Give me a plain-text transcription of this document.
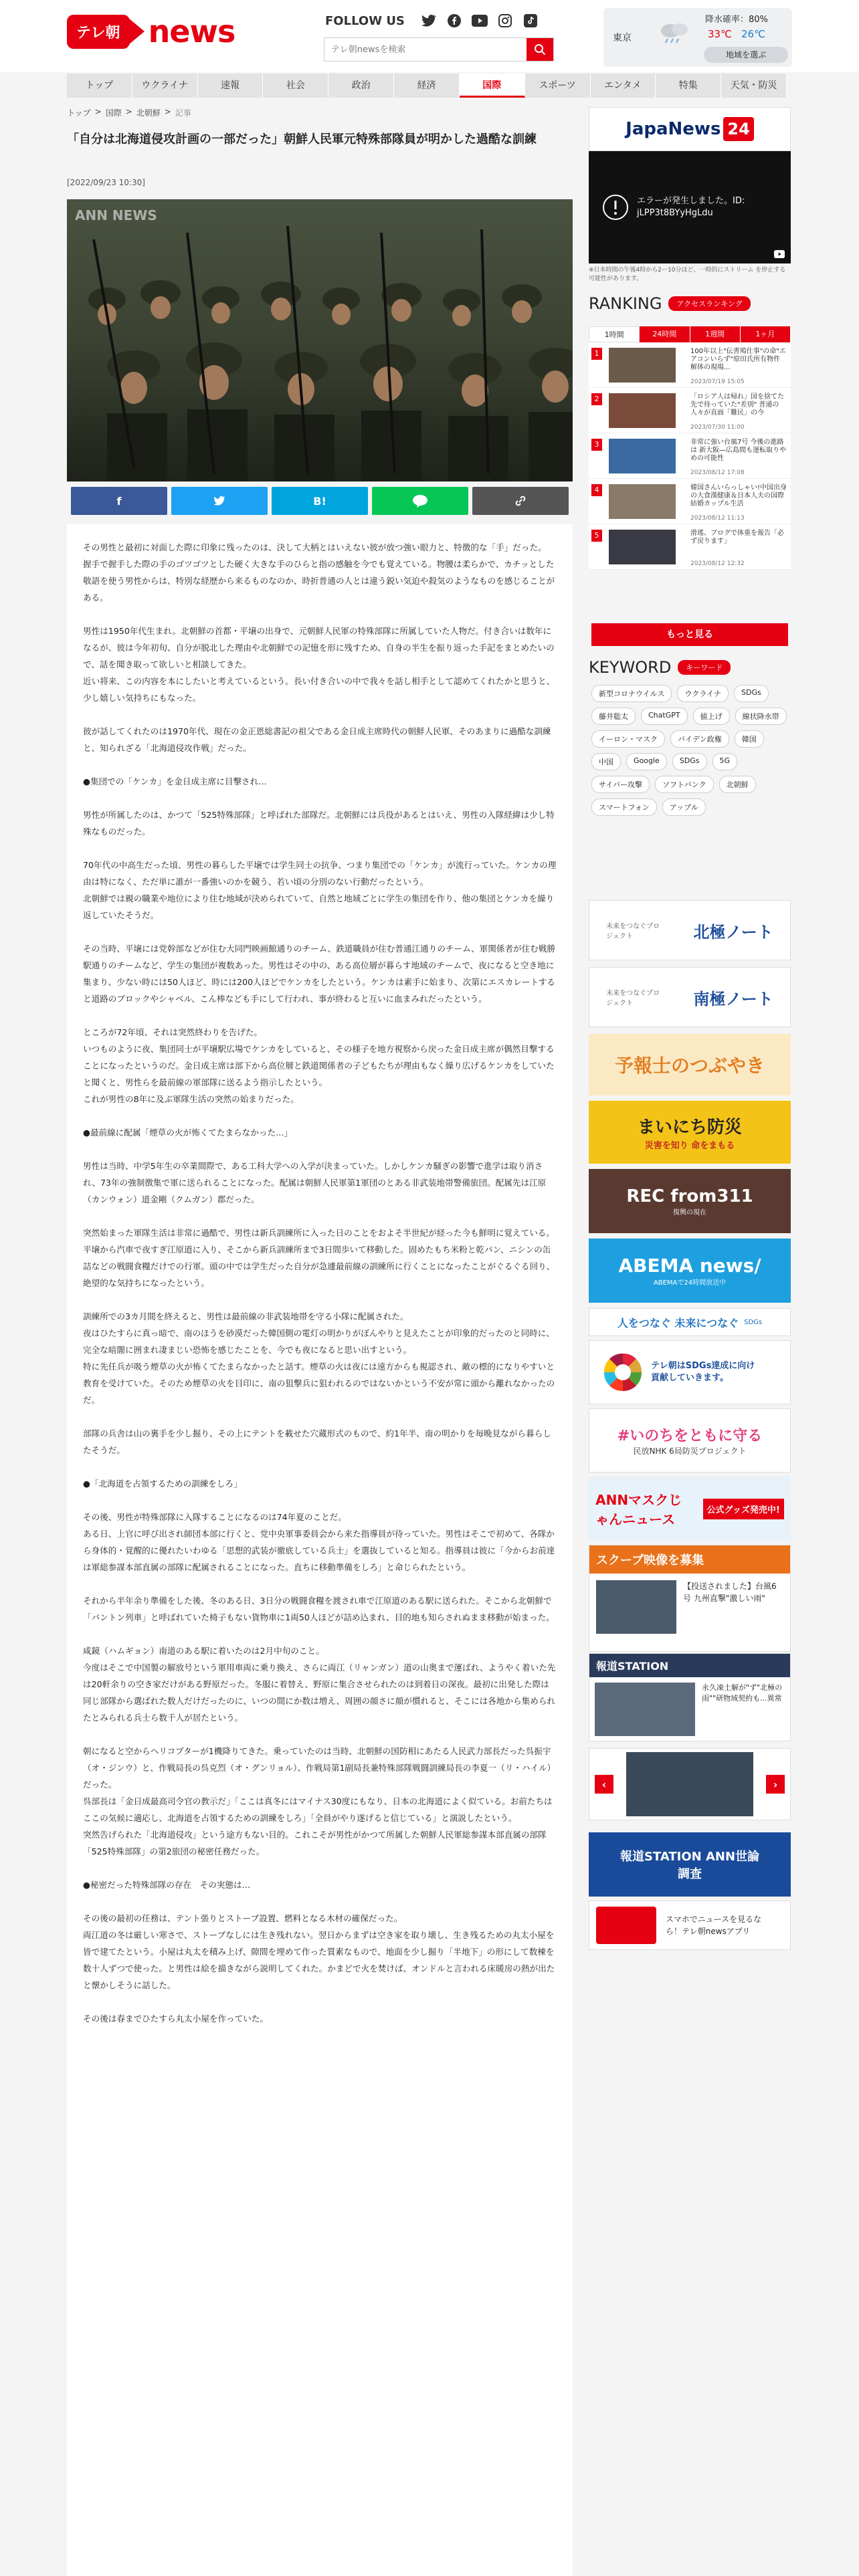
テレ朝 news	FOLLOW US
テレ朝newsを検索
東京
降水確率：80%
33℃ 26℃
地域を選ぶ
トップ	ウクライナ	速報	社会	政治	経済	国際	スポーツ	エンタメ	特集	天気・防災
トップ > 国際 > 北朝鮮 > 記事
「自分は北海道侵攻計画の一部だった」朝鮮人民軍元特殊部隊員が明かした過酷な訓練
[2022/09/23 10:30]
ANN NEWS
f	B!

その男性と最初に対面した際に印象に残ったのは、決して大柄とはいえない彼が放つ強い眼力と、特徴的な「手」だった。
握手で握手した際の手のゴツゴツとした硬く大きな手のひらと指の感触を今でも覚えている。物腰は柔らかで、カチッとした敬語を使う男性からは、特別な経歴から来るものなのか、時折普通の人とは違う鋭い気迫や殺気のようなものを感じることがある。

男性は1950年代生まれ。北朝鮮の首都・平壌の出身で、元朝鮮人民軍の特殊部隊に所属していた人物だ。付き合いは数年になるが、彼は今年初旬、自分が脱北した理由や北朝鮮での記憶を形に残すため、自身の半生を振り返った手記をまとめたいので、話を聞き取って欲しいと相談してきた。
近い将来、この内容を本にしたいと考えているという。長い付き合いの中で我々を話し相手として認めてくれたかと思うと、少し嬉しい気持ちにもなった。

彼が話してくれたのは1970年代、現在の金正恩総書記の祖父である金日成主席時代の朝鮮人民軍、そのあまりに過酷な訓練と、知られざる「北海道侵攻作戦」だった。

●集団での「ケンカ」を金日成主席に目撃され…

男性が所属したのは、かつて「525特殊部隊」と呼ばれた部隊だ。北朝鮮には兵役があるとはいえ、男性の入隊経緯は少し特殊なものだった。

70年代の中高生だった頃、男性の暮らした平壌では学生同士の抗争、つまり集団での「ケンカ」が流行っていた。ケンカの理由は特になく、ただ単に誰が一番強いのかを競う、若い頃の分別のない行動だったという。
北朝鮮では親の職業や地位により住む地域が決められていて、自然と地域ごとに学生の集団を作り、他の集団とケンカを繰り返していたそうだ。

その当時、平壌には党幹部などが住む大同門映画館通りのチーム、鉄道職員が住む普通江通りのチーム、軍関係者が住む戦勝駅通りのチームなど、学生の集団が複数あった。男性はその中の、ある高位層が暮らす地域のチームで、夜になると空き地に集まり、少ない時には50人ほど、時には200人ほどでケンカをしたという。ケンカは素手に始まり、次第にエスカレートすると道路のブロックやシャベル、こん棒なども手にして行われ、事が終わると互いに血まみれだったという。

ところが72年頃、それは突然終わりを告げた。
いつものように夜、集団同士が平壌駅広場でケンカをしていると、その様子を地方視察から戻った金日成主席が偶然目撃することになったというのだ。金日成主席は部下から高位層と鉄道関係者の子どもたちが理由もなく繰り広げるケンカをしていたと聞くと、男性らを最前線の軍部隊に送るよう指示したという。
これが男性の8年に及ぶ軍隊生活の突然の始まりだった。

●最前線に配属「煙草の火が怖くてたまらなかった…」

男性は当時、中学5年生の卒業間際で、ある工科大学への入学が決まっていた。しかしケンカ騒ぎの影響で進学は取り消され、73年の強制徴集で軍に送られることになった。配属は朝鮮人民軍第1軍団のとある非武装地帯警備旅団。配属先は江原（カンウォン）道金剛（クムガン）郡だった。

突然始まった軍隊生活は非常に過酷で、男性は新兵訓練所に入った日のことをおよそ半世紀が経った今も鮮明に覚えている。
平壌から汽車で夜すぎ江原道に入り、そこから新兵訓練所まで3日間歩いて移動した。固めたもち米粉と乾パン、ニシンの缶詰などの戦闘食糧だけでの行軍。頭の中では学生だった自分が急遽最前線の訓練所に行くことになったことがぐるぐる回り、絶望的な気持ちになったという。

訓練所での3カ月間を終えると、男性は最前線の非武装地帯を守る小隊に配属された。
夜はひたすらに真っ暗で、南のほうを砂漠だった韓国側の電灯の明かりがぼんやりと見えたことが印象的だったのと同時に、完全な暗闇に囲まれ凄まじい恐怖を感じたことを、今でも夜になると思い出すという。
特に先任兵が吸う煙草の火が怖くてたまらなかったと話す。煙草の火は夜には遠方からも視認され、敵の標的になりやすいと教育を受けていた。そのため煙草の火を目印に、南の狙撃兵に狙われるのではないかという不安が常に頭から離れなかったのだ。

部隊の兵舎は山の裏手を少し掘り、その上にテントを載せた穴蔵形式のもので、約1年半、南の明かりを毎晩見ながら暮らしたそうだ。

●「北海道を占領するための訓練をしろ」

その後、男性が特殊部隊に入隊することになるのは74年夏のことだ。
ある日、上官に呼び出され師団本部に行くと、党中央軍事委員会から来た指導員が待っていた。男性はそこで初めて、各隊から身体的・覚醒的に優れたいわゆる「思想的武装が徹底している兵士」を選抜していると知る。指導員は彼に「今からお前達は軍総参謀本部直属の部隊に配属されることになった。直ちに移動準備をしろ」と命じられたという。

それから半年余り準備をした後、冬のある日、3日分の戦闘食糧を渡され車で江原道のある駅に送られた。そこから北朝鮮で「バントン列車」と呼ばれていた椅子もない貨物車に1両50人ほどが詰め込まれ、目的地も知らされぬまま移動が始まった。

咸鏡（ハムギョン）南道のある駅に着いたのは2月中旬のこと。
今度はそこで中国製の解放号という軍用車両に乗り換え、さらに両江（リャンガン）道の山奥まで運ばれ、ようやく着いた先は20軒余りの空き家だけがある野原だった。冬服に着替え、野原に集合させられたのは到着日の深夜。最初に出発した際は同じ部隊から選ばれた数人だけだったのに、いつの間にか数は増え、周囲の顔さに顔が慣れると、そこには各地から集められたとみられる兵士ら数千人が居たという。

朝になると空からヘリコプターが1機降りてきた。乗っていたのは当時、北朝鮮の国防相にあたる人民武力部長だった呉振宇（オ・ジンウ）と、作戦局長の呉克烈（オ・グンリョル）、作戦局第1副局長兼特殊部隊戦闘訓練局長の李夏一（リ・ハイル）だった。
呉部長は「金日成最高司令官の教示だ」「ここは真冬にはマイナス30度にもなり、日本の北海道によく似ている。お前たちはここの気候に適応し、北海道を占領するための訓練をしろ」「全員がやり遂げると信じている」と演説したという。
突然告げられた「北海道侵攻」という途方もない目的。これこそが男性がかつて所属した朝鮮人民軍総参謀本部直属の部隊「525特殊部隊」の第2旅団の秘密任務だった。

●秘密だった特殊部隊の存在　その実態は…

その後の最初の任務は、テント張りとストーブ設置、燃料となる木材の確保だった。
両江道の冬は厳しい寒さで、ストーブなしには生き残れない。翌日からまずは空き家を取り壊し、生き残るための丸太小屋を皆で建てたという。小屋は丸太を積み上げ、隙間を埋めて作った質素なもので、地面を少し掘り「半地下」の形にして数棟を数十人ずつで使った。と男性は絵を描きながら説明してくれた。かまどで火を焚けば、オンドルと言われる床暖房の熱が出たと懐かしそうに話した。

その後は春までひたすら丸太小屋を作っていた。

JapaNews 24
エラーが発生しました。ID: jLPP3t8BYyHgLdu
※日本時間の午後4時から2ー10分ほど、一時的にストリーム を停止する可能性があります。
RANKING	アクセスランキング
1時間	24時間	1週間	1ヶ月
1	100年以上"伝書鳩仕事"の命"エアコンいらず"原田氏所有物件 解体の現場...
2023/07/19 15:05
2	「ロシア人は帰れ」国を捨てた先で待っていた"差別" 普通の人々が直面「難民」の今
2023/07/30 11:00
3	非常に強い台風7号 今後の進路は 新大阪―広島間も運転取りやめの可能性
2023/08/12 17:08
4	韓国さんいらっしゃい!中国出身の大食漢健康＆日本人夫の国際結婚カップル生活
2023/08/12 11:13
5	滑瑤、ブログで体重を報告「必ず戻ります」
2023/08/12 12:32
もっと見る
KEYWORD	キーワード
新型コロナウイルス	ウクライナ	SDGs
藤井聡太	ChatGPT	値上げ	線状降水帯
イーロン・マスク	バイデン政権	韓国
中国	Google	SDGs	5G
サイバー攻撃	ソフトバンク	北朝鮮
スマートフォン	アップル
未来をつなぐプロジェクト	北極ノート
未来をつなぐプロジェクト	南極ノート
予報士のつぶやき
まいにち防災
災害を知り 命をまもる
REC from311
復興の現在
ABEMA news/
ABEMAで24時間放送中
人をつなぐ 未来につなぐ SDGs
テレ朝はSDGs達成に向け貢献していきます。
#いのちをともに守る
民放NHK 6局防災プロジェクト
ANNマスクじゃんニュース
公式グッズ発売中!
スクープ映像を募集
【投送されました】台風6号 九州直撃"激しい雨"
報道STATION
永久凍土解が"ず"北極の雨""研物域契約も...異常
‹	›
報道STATION ANN世論調査
スマホでニュースを見るなら！テレ朝newsアプリ
